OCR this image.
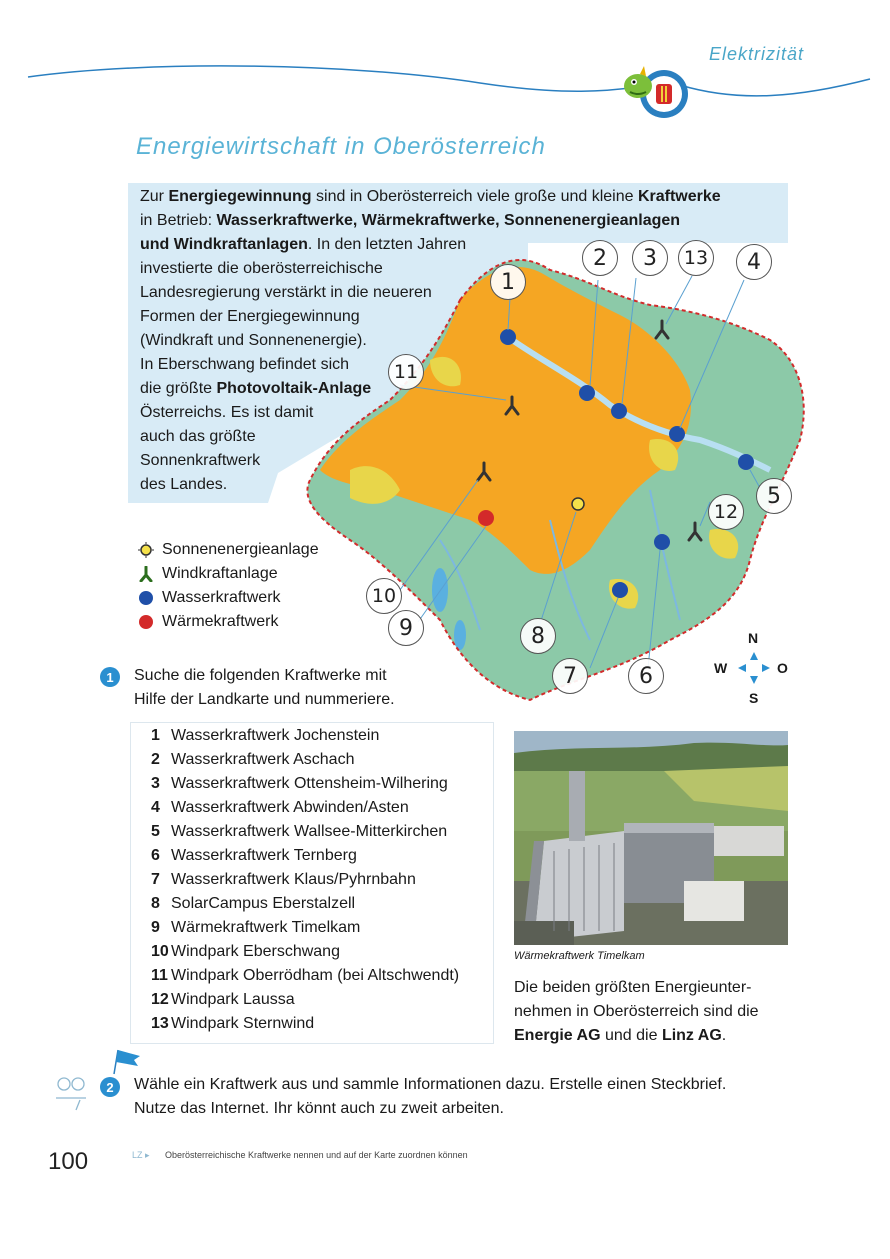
Elektrizität
Energiewirtschaft in Oberösterreich
1
2	3	13	4
11
5
12
10
9	8
7	6
Zur Energiegewinnung sind in Oberösterreich viele große und kleine Kraftwerke
in Betrieb: Wasserkraftwerke, Wärmekraftwerke, Sonnenenergieanlagen
und Windkraftanlagen. In den letzten Jahren
investierte die oberösterreichische
Landesregierung verstärkt in die neueren
Formen der Energiegewinnung
(Windkraft und Sonnenenergie).
In Eberschwang befindet sich
die größte Photovoltaik-Anlage
Österreichs. Es ist damit
auch das größte
Sonnenkraftwerk
des Landes.
Sonnenenergieanlage
Windkraftanlage
Wasserkraftwerk
Wärmekraftwerk
N
S
W	O
1	Suche die folgenden Kraftwerke mit
Hilfe der Landkarte und nummeriere.
1 Wasserkraftwerk Jochenstein
2 Wasserkraftwerk Aschach
3 Wasserkraftwerk Ottensheim-Wilhering
4 Wasserkraftwerk Abwinden/Asten
5 Wasserkraftwerk Wallsee-Mitterkirchen
6 Wasserkraftwerk Ternberg
7 Wasserkraftwerk Klaus/Pyhrnbahn
8 SolarCampus Eberstalzell
9 Wärmekraftwerk Timelkam
10 Windpark Eberschwang
11 Windpark Oberrödham (bei Altschwendt)
12 Windpark Laussa
13 Windpark Sternwind
Wärmekraftwerk Timelkam
Die beiden größten Energieunter-
nehmen in Oberösterreich sind die
Energie AG und die Linz AG.
2	Wähle ein Kraftwerk aus und sammle Informationen dazu. Erstelle einen Steckbrief.
Nutze das Internet. Ihr könnt auch zu zweit arbeiten.
100	LZ ▸ Oberösterreichische Kraftwerke nennen und auf der Karte zuordnen können
